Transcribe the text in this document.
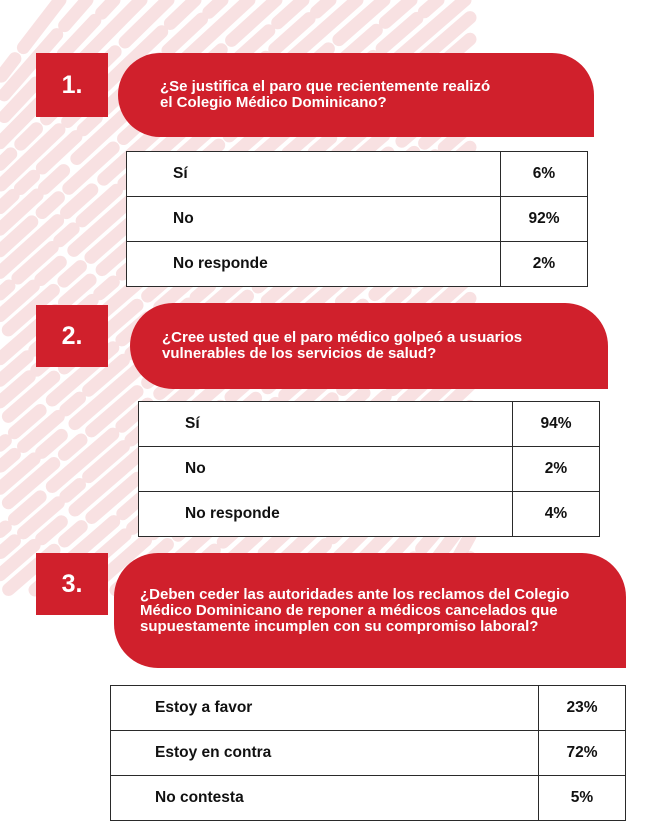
1.	¿Se justifica el paro que recientemente realizó el Colegio Médico Dominicano?
Sí	6%
No	92%
No responde	2%
2.	¿Cree usted que el paro médico golpeó a usuarios vulnerables de los servicios de salud?
Sí	94%
No	2%
No responde	4%
3.	¿Deben ceder las autoridades ante los reclamos del Colegio Médico Dominicano de reponer a médicos cancelados que supuestamente incumplen con su compromiso laboral?
Estoy a favor	23%
Estoy en contra	72%
No contesta	5%
